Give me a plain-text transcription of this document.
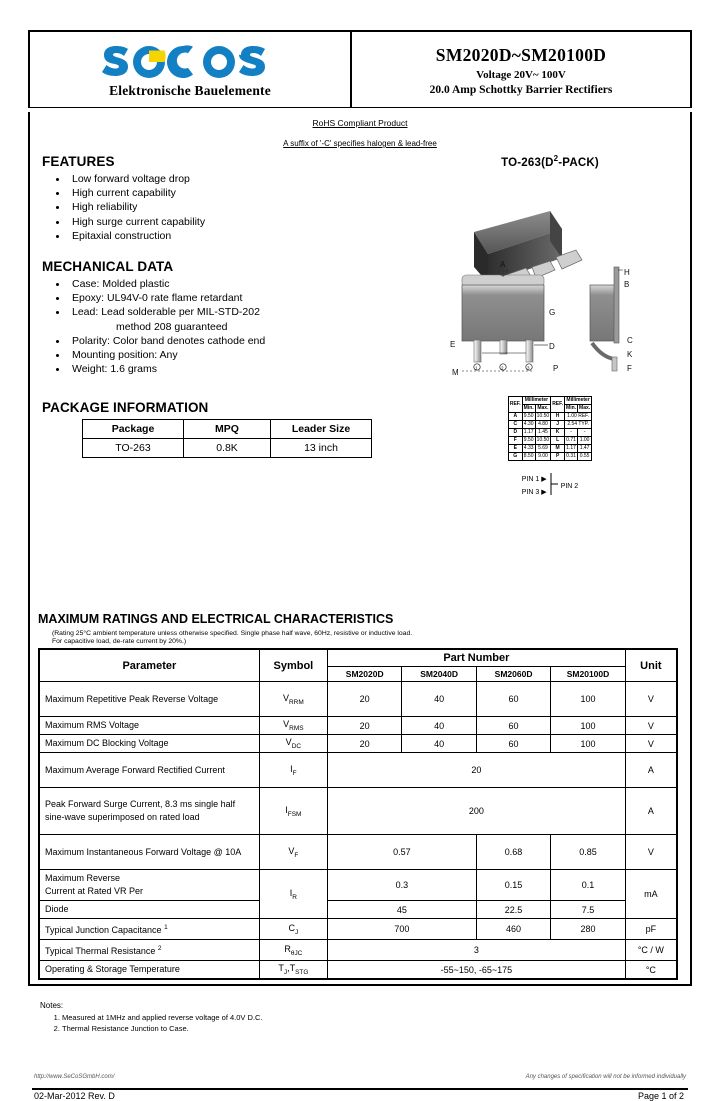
Elektronische Bauelemente
SM2020D~SM20100D
Voltage 20V~ 100V
20.0 Amp Schottky Barrier Rectifiers
RoHS Compliant Product
A suffix of '-C' specifies halogen & lead-free
FEATURES
Low forward voltage drop
High current capability
High reliability
High surge current capability
Epitaxial construction
MECHANICAL DATA
Case: Molded plastic
Epoxy: UL94V-0 rate flame retardant
Lead: Lead solderable per MIL-STD-202
method 208 guaranteed
Polarity: Color band denotes cathode end
Mounting position: Any
Weight: 1.6 grams
PACKAGE INFORMATION
Package	MPQ	Leader Size
TO-263	0.8K	13 inch
$TO-263(D^2-PACK)$
E
G
D
P
A
M	1	2	3
H
B
C
K
F
REF.	Millimeter		REF.	Millimeter	
	Min.	Max.		Min.	Max.
A	9.50	10.50	H	1.00 REF.	
C	4.30	4.80	J	2.54 TYP.	
D	1.17	1.45	K	-	-
F	9.50	10.50	L	0.71	1.00
E	4.33	5.69	M	1.17	1.47
G	8.50	9.00	P	0.31	0.55
PIN 1
PIN 3
▶
▶
PIN 2
MAXIMUM RATINGS AND ELECTRICAL CHARACTERISTICS
(Rating 25°C ambient temperature unless otherwise specified. Single phase half wave, 60Hz, resistive or inductive load.
For capacitive load, de-rate current by 20%.)
Parameter	Symbol	Part Number				Unit
		SM2020D	SM2040D	SM2060D	SM20100D	
Maximum Repetitive Peak Reverse Voltage	$V_{RRM}$	20	40	60	100	V
Maximum RMS Voltage	$V_{RMS}$	20	40	60	100	V
Maximum DC Blocking Voltage	$V_{DC}$	20	40	60	100	V
Maximum Average Forward Rectified Current	$I_F$	20				A
Peak Forward Surge Current, 8.3 ms single half sine-wave superimposed on rated load	$I_{FSM}$	200				A
Maximum Instantaneous Forward Voltage @ 10A	$V_F$	0.57		0.68	0.85	V
Maximum Reverse
Current at Rated VR Per	$I_R$	0.3		0.15	0.1	mA
Diode		45		22.5	7.5	
Typical Junction Capacitance $^1$	$C_J$	700		460	280	pF
Typical Thermal Resistance $^2$	$R_{\theta JC}$	3				°C / W
Operating & Storage Temperature	$T_J,T_{STG}$	-55~150, -65~175				°C
Notes:
1. Measured at 1MHz and applied reverse voltage of 4.0V D.C.
2. Thermal Resistance Junction to Case.
http://www.SeCoSGmbH.com/	Any changes of specification will not be informed individually
02-Mar-2012 Rev. D	Page 1 of 2
